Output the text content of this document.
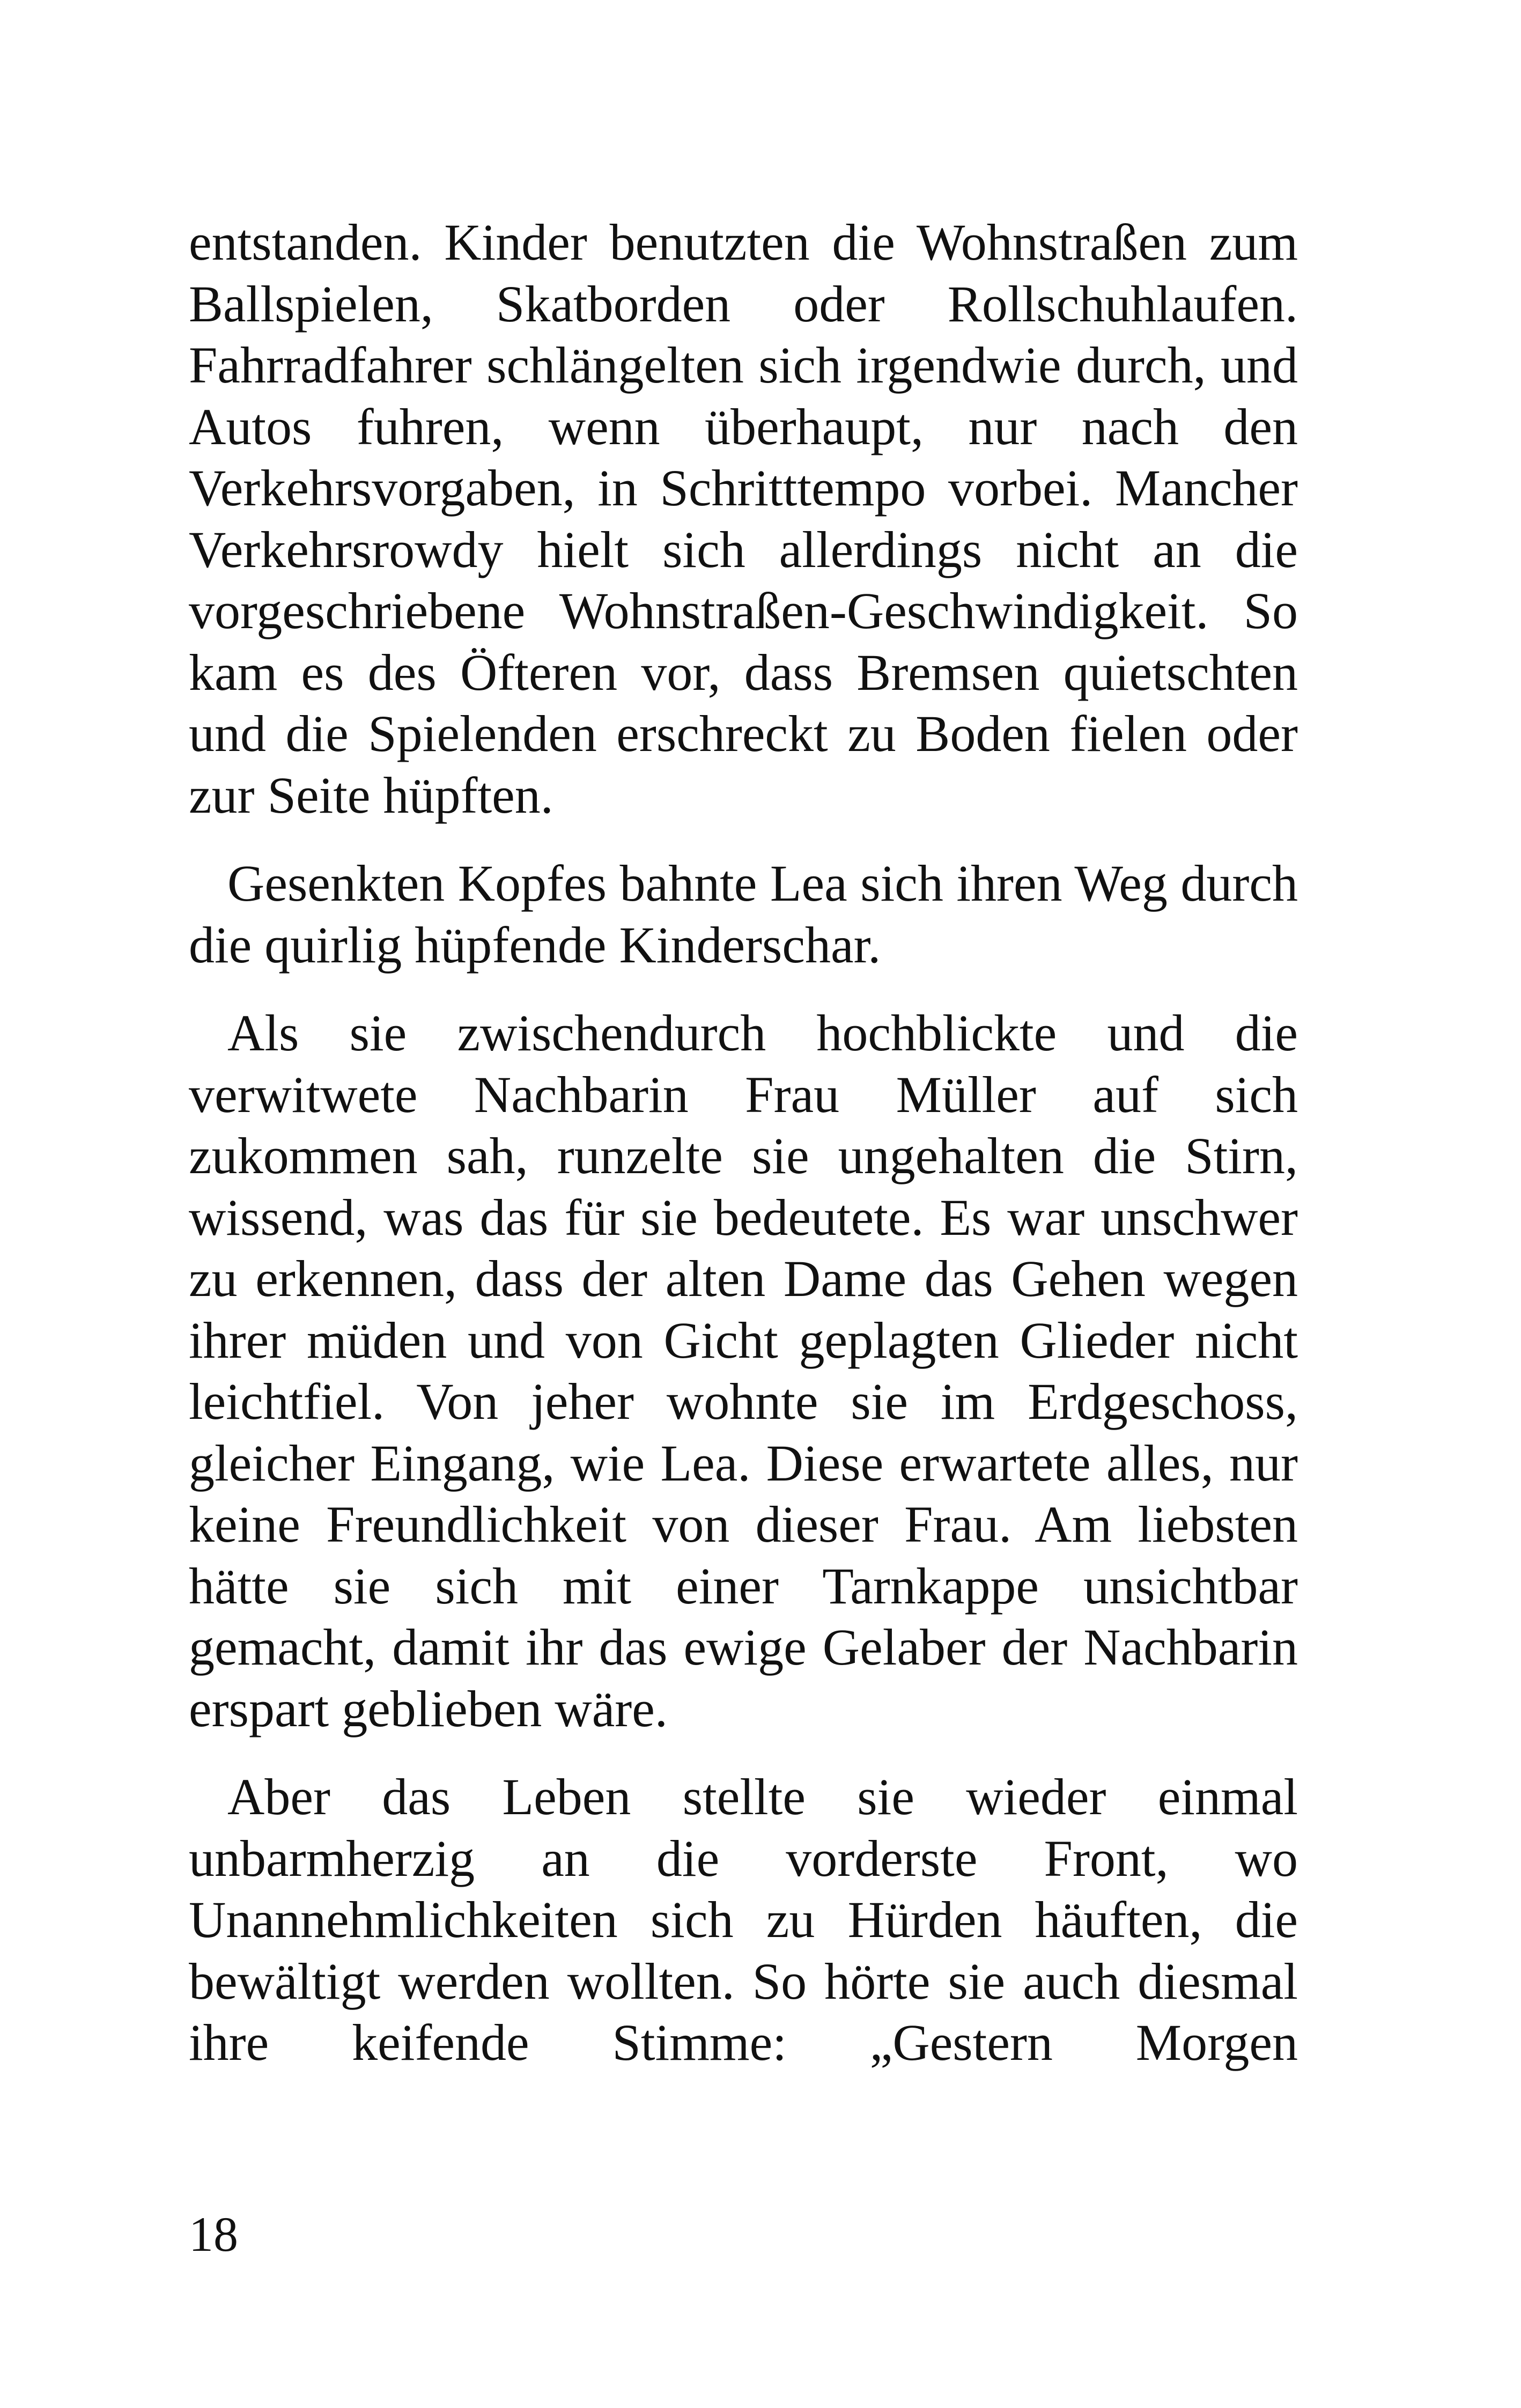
entstanden. Kinder benutzten die Wohnstraßen zum Ballspielen, Skatborden oder Rollschuhlaufen. Fahrradfahrer schlängelten sich irgendwie durch, und Autos fuhren, wenn überhaupt, nur nach den Verkehrsvorgaben, in Schritttempo vorbei. Mancher Verkehrsrowdy hielt sich allerdings nicht an die vorgeschriebene Wohnstraßen-Geschwindigkeit. So kam es des Öfteren vor, dass Bremsen quietschten und die Spielenden erschreckt zu Boden fielen oder zur Seite hüpften.

Gesenkten Kopfes bahnte Lea sich ihren Weg durch die quirlig hüpfende Kinderschar.

Als sie zwischendurch hochblickte und die verwitwete Nachbarin Frau Müller auf sich zukommen sah, runzelte sie ungehalten die Stirn, wissend, was das für sie bedeutete. Es war unschwer zu erkennen, dass der alten Dame das Gehen wegen ihrer müden und von Gicht geplagten Glieder nicht leichtfiel. Von jeher wohnte sie im Erdgeschoss, gleicher Eingang, wie Lea. Diese erwartete alles, nur keine Freundlichkeit von dieser Frau. Am liebsten hätte sie sich mit einer Tarnkappe unsichtbar gemacht, damit ihr das ewige Gelaber der Nachbarin erspart geblieben wäre.

Aber das Leben stellte sie wieder einmal unbarmherzig an die vorderste Front, wo Unannehmlichkeiten sich zu Hürden häuften, die bewältigt werden wollten. So hörte sie auch diesmal ihre keifende Stimme: „Gestern Morgen

18
